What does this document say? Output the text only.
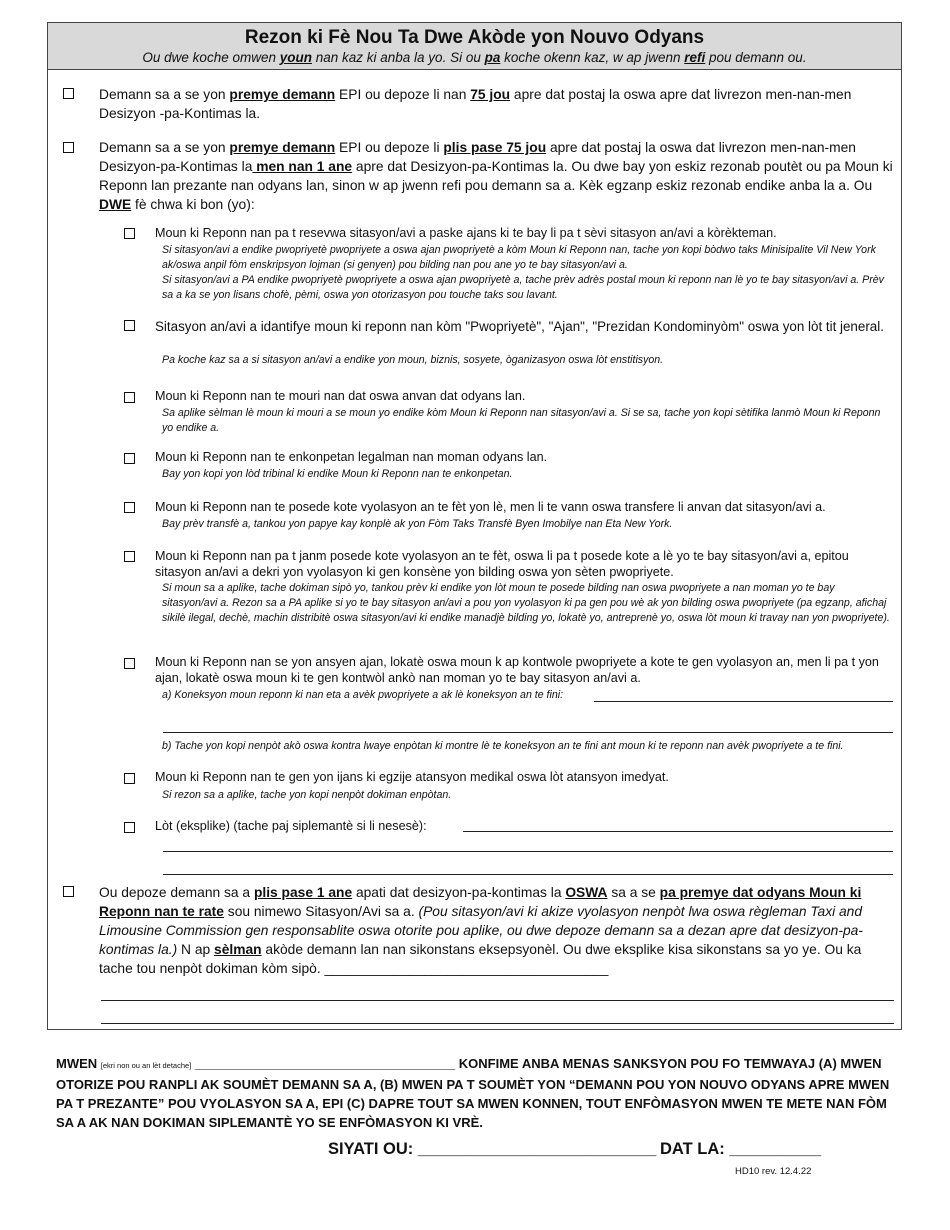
Rezon ki Fè Nou Ta Dwe Akòde yon Nouvo Odyans
Ou dwe koche omwen youn nan kaz ki anba la yo. Si ou pa koche okenn kaz, w ap jwenn refi pou demann ou.
Demann sa a se yon premye demann EPI ou depoze li nan 75 jou apre dat postaj la oswa apre dat livrezon men-nan-men Desizyon -pa-Kontimas la.
Demann sa a se yon premye demann EPI ou depoze li plis pase 75 jou apre dat postaj la oswa dat livrezon men-nan-men Desizyon-pa-Kontimas la men nan 1 ane apre dat Desizyon-pa-Kontimas la. Ou dwe bay yon eskiz rezonab poutèt ou pa Moun ki Reponn lan prezante nan odyans lan, sinon w ap jwenn refi pou demann sa a. Kèk egzanp eskiz rezonab endike anba la a. Ou DWE fè chwa ki bon (yo):
Moun ki Reponn nan pa t resevwa sitasyon/avi a paske ajans ki te bay li pa t sèvi sitasyon an/avi a kòrèkteman.
Si sitasyon/avi a endike pwopriyetè pwopriyete a oswa ajan pwopriyetè a kòm Moun ki Reponn nan, tache yon kopi bòdwo taks Minisipalite Vil New York ak/oswa anpil fòm enskripsyon lojman (si genyen) pou bilding nan pou ane yo te bay sitasyon/avi a.
Si sitasyon/avi a PA endike pwopriyetè pwopriyete a oswa ajan pwopriyetè a, tache prèv adrès postal moun ki reponn nan lè yo te bay sitasyon/avi a. Prèv sa a ka se yon lisans chofè, pèmi, oswa yon otorizasyon pou touche taks sou lavant.
Sitasyon an/avi a idantifye moun ki reponn nan kòm "Pwopriyetè", "Ajan", "Prezidan Kondominyòm" oswa yon lòt tit jeneral.
Pa koche kaz sa a si sitasyon an/avi a endike yon moun, biznis, sosyete, òganizasyon oswa lòt enstitisyon.
Moun ki Reponn nan te mouri nan dat oswa anvan dat odyans lan.
Sa aplike sèlman lè moun ki mouri a se moun yo endike kòm Moun ki Reponn nan sitasyon/avi a. Si se sa, tache yon kopi sètifika lanmò Moun ki Reponn yo endike a.
Moun ki Reponn nan te enkonpetan legalman nan moman odyans lan.
Bay yon kopi yon lòd tribinal ki endike Moun ki Reponn nan te enkonpetan.
Moun ki Reponn nan te posede kote vyolasyon an te fèt yon lè, men li te vann oswa transfere li anvan dat sitasyon/avi a.
Bay prèv transfè a, tankou yon papye kay konplè ak yon Fòm Taks Transfè Byen Imobilye nan Eta New York.
Moun ki Reponn nan pa t janm posede kote vyolasyon an te fèt, oswa li pa t posede kote a lè yo te bay sitasyon/avi a, epitou sitasyon an/avi a dekri yon vyolasyon ki gen konsène yon bilding oswa yon sèten pwopriyete.
Si moun sa a aplike, tache dokiman sipò yo, tankou prèv ki endike yon lòt moun te posede bilding nan oswa pwopriyete a nan moman yo te bay sitasyon/avi a. Rezon sa a PA aplike si yo te bay sitasyon an/avi a pou yon vyolasyon ki pa gen pou wè ak yon bilding oswa pwopriyete (pa egzanp, afichaj sikilè ilegal, dechè, machin distribitè oswa sitasyon/avi ki endike manadjè bilding yo, lokatè yo, antreprenè yo, oswa lòt moun ki travay nan yon pwopriyete).
Moun ki Reponn nan se yon ansyen ajan, lokatè oswa moun k ap kontwole pwopriyete a kote te gen vyolasyon an, men li pa t yon ajan, lokatè oswa moun ki te gen kontwòl ankò nan moman yo te bay sitasyon an/avi a.
a) Koneksyon moun reponn ki nan eta a avèk pwopriyete a ak lè koneksyon an te fini:
b) Tache yon kopi nenpòt akò oswa kontra lwaye enpòtan ki montre lè te koneksyon an te fini ant moun ki te reponn nan avèk pwopriyete a te fini.
Moun ki Reponn nan te gen yon ijans ki egzije atansyon medikal oswa lòt atansyon imedyat.
Si rezon sa a aplike, tache yon kopi nenpòt dokiman enpòtan.
Lòt (eksplike) (tache paj siplemantè si li nesesè):
Ou depoze demann sa a plis pase 1 ane apati dat desizyon-pa-kontimas la OSWA sa a se pa premye dat odyans Moun ki Reponn nan te rate sou nimewo Sitasyon/Avi sa a. (Pou sitasyon/avi ki akize vyolasyon nenpòt lwa oswa règleman Taxi and Limousine Commission gen responsablite oswa otorite pou aplike, ou dwe depoze demann sa a dezan apre dat desizyon-pa-kontimas la.) N ap sèlman akòde demann lan nan sikonstans eksepsyonèl. Ou dwe eksplike kisa sikonstans sa yo ye. Ou ka tache tou nenpòt dokiman kòm sipò. _____________________________________
MWEN [ekri non ou an lèt detache] ____________________________________ KONFIME ANBA MENAS SANKSYON POU FO TEMWAYAJ (A) MWEN OTORIZE POU RANPLI AK SOUMÈT DEMANN SA A, (B) MWEN PA T SOUMÈT YON “DEMANN POU YON NOUVO ODYANS APRE MWEN PA T PREZANTE” POU VYOLASYON SA A, EPI (C) DAPRE TOUT SA MWEN KONNEN, TOUT ENFÒMASYON MWEN TE METE NAN FÒM SA A AK NAN DOKIMAN SIPLEMANTÈ YO SE ENFÒMASYON KI VRÈ.
SIYATI OU: __________________________ DAT LA: __________
HD10 rev. 12.4.22
